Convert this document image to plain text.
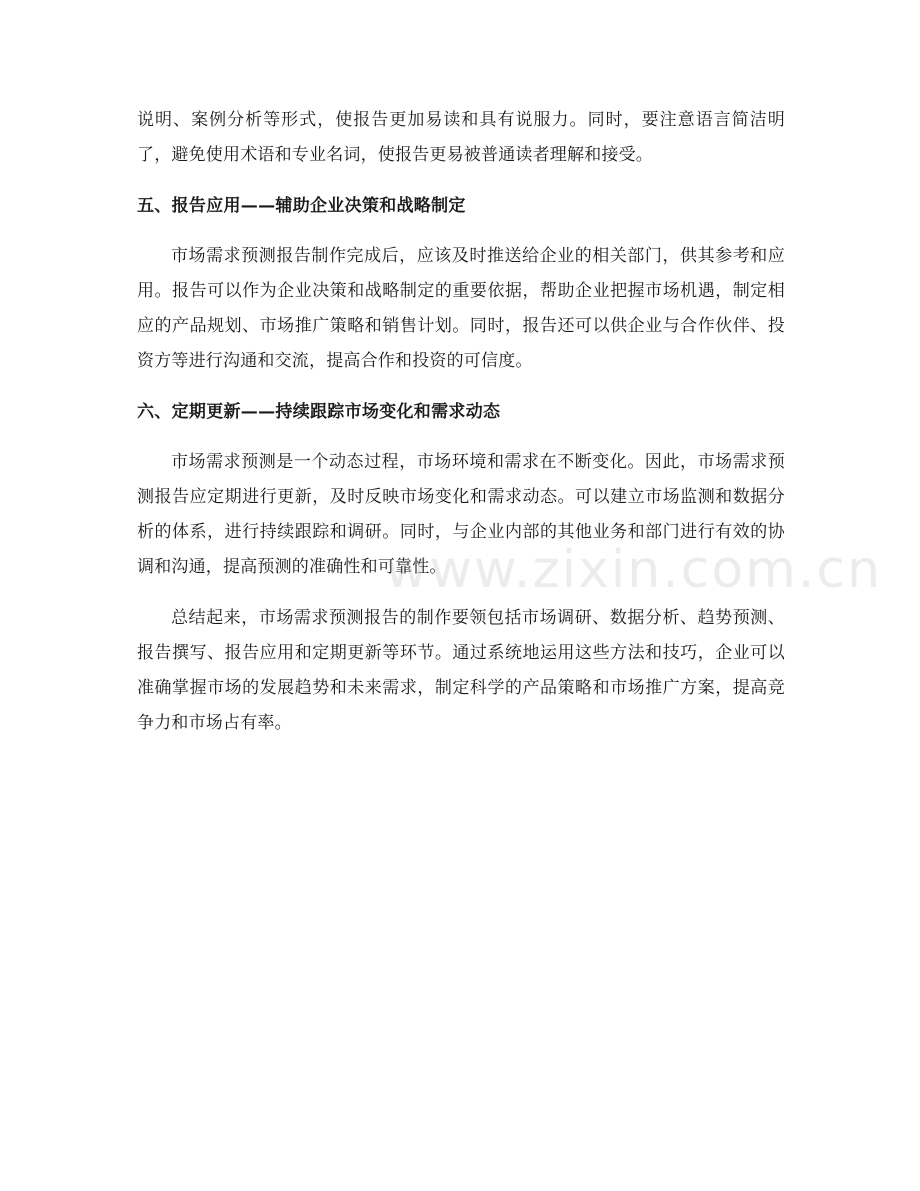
说明、案例分析等形式，使报告更加易读和具有说服力。同时，要注意语言简洁明了，避免使用术语和专业名词，使报告更易被普通读者理解和接受。

五、报告应用——辅助企业决策和战略制定

市场需求预测报告制作完成后，应该及时推送给企业的相关部门，供其参考和应用。报告可以作为企业决策和战略制定的重要依据，帮助企业把握市场机遇，制定相应的产品规划、市场推广策略和销售计划。同时，报告还可以供企业与合作伙伴、投资方等进行沟通和交流，提高合作和投资的可信度。

六、定期更新——持续跟踪市场变化和需求动态

市场需求预测是一个动态过程，市场环境和需求在不断变化。因此，市场需求预测报告应定期进行更新，及时反映市场变化和需求动态。可以建立市场监测和数据分析的体系，进行持续跟踪和调研。同时，与企业内部的其他业务和部门进行有效的协调和沟通，提高预测的准确性和可靠性。

总结起来，市场需求预测报告的制作要领包括市场调研、数据分析、趋势预测、报告撰写、报告应用和定期更新等环节。通过系统地运用这些方法和技巧，企业可以准确掌握市场的发展趋势和未来需求，制定科学的产品策略和市场推广方案，提高竞争力和市场占有率。

www.zixin.com.cn
